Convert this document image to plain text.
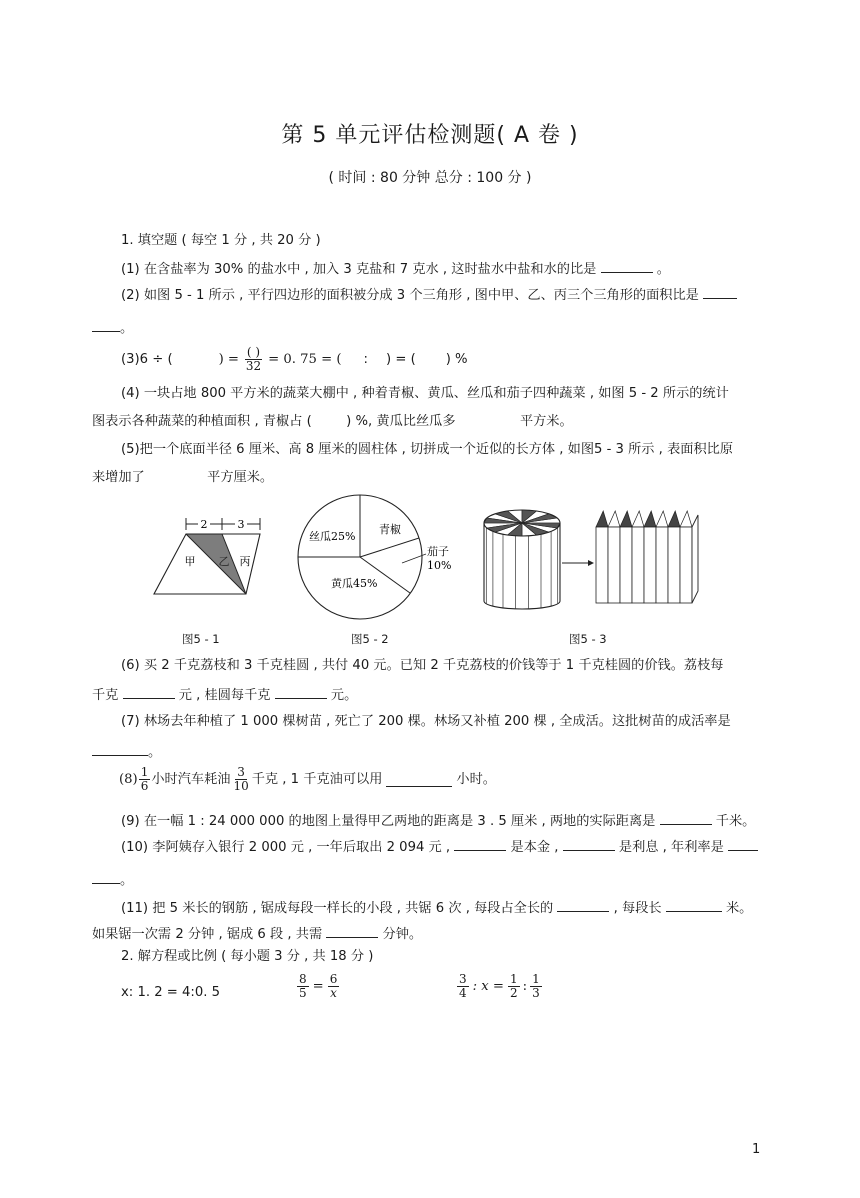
第 5 单元评估检测题( A 卷 )
( 时间 : 80 分钟 总分 : 100 分 )
1. 填空题 ( 每空 1 分 , 共 20 分 )
(1) 在含盐率为 30% 的盐水中 , 加入 3 克盐和 7 克水 , 这时盐水中盐和水的比是	。
(2) 如图 5 - 1 所示 , 平行四边形的面积被分成 3 个三角形 , 图中甲、乙、丙三个三角形的面积比是
。
(3)6 ÷ (	) = $\frac{( )}{32} = 0$. 75 = ( : ) = ( ) %
(4) 一块占地 800 平方米的蔬菜大棚中 , 种着青椒、黄瓜、丝瓜和茄子四种蔬菜 , 如图 5 - 2 所示的统计
图表示各种蔬菜的种植面积 , 青椒占 (	) %, 黄瓜比丝瓜多	平方米。
(5)把一个底面半径 6 厘米、高 8 厘米的圆柱体 , 切拼成一个近似的长方体 , 如图5 - 3 所示 , 表面积比原
来增加了	平方厘米。
2	3
甲 乙 丙
青椒
丝瓜25%
黄瓜45%
茄子
10%
图5 - 1	图5 - 2	图5 - 3
(6) 买 2 千克荔枝和 3 千克桂圆 , 共付 40 元。已知 2 千克荔枝的价钱等于 1 千克桂圆的价钱。荔枝每
千克	元 , 桂圆每千克	元。
(7) 林场去年种植了 1 000 棵树苗 , 死亡了 200 棵。林场又补植 200 棵 , 全成活。这批树苗的成活率是
。
$(8) \frac{1}{6}$ 小时汽车耗油 $\frac{3}{10}$ 千克 , 1 千克油可以用	小时。
(9) 在一幅 1 : 24 000 000 的地图上量得甲乙两地的距离是 3 . 5 厘米 , 两地的实际距离是	千米。
(10) 李阿姨存入银行 2 000 元 , 一年后取出 2 094 元 ,	是本金 ,	是利息 , 年利率是
。
(11) 把 5 米长的钢筋 , 锯成每段一样长的小段 , 共锯 6 次 , 每段占全长的	, 每段长	米。
如果锯一次需 2 分钟 , 锯成 6 段 , 共需	分钟。
2. 解方程或比例 ( 每小题 3 分 , 共 18 分 )
x: 1. 2 = 4:0. 5	$\frac{8}{5} = \frac{6}{x}$	$\frac{3}{4}$ : $x = \frac{1}{2}$ : $\frac{1}{3}$
1
